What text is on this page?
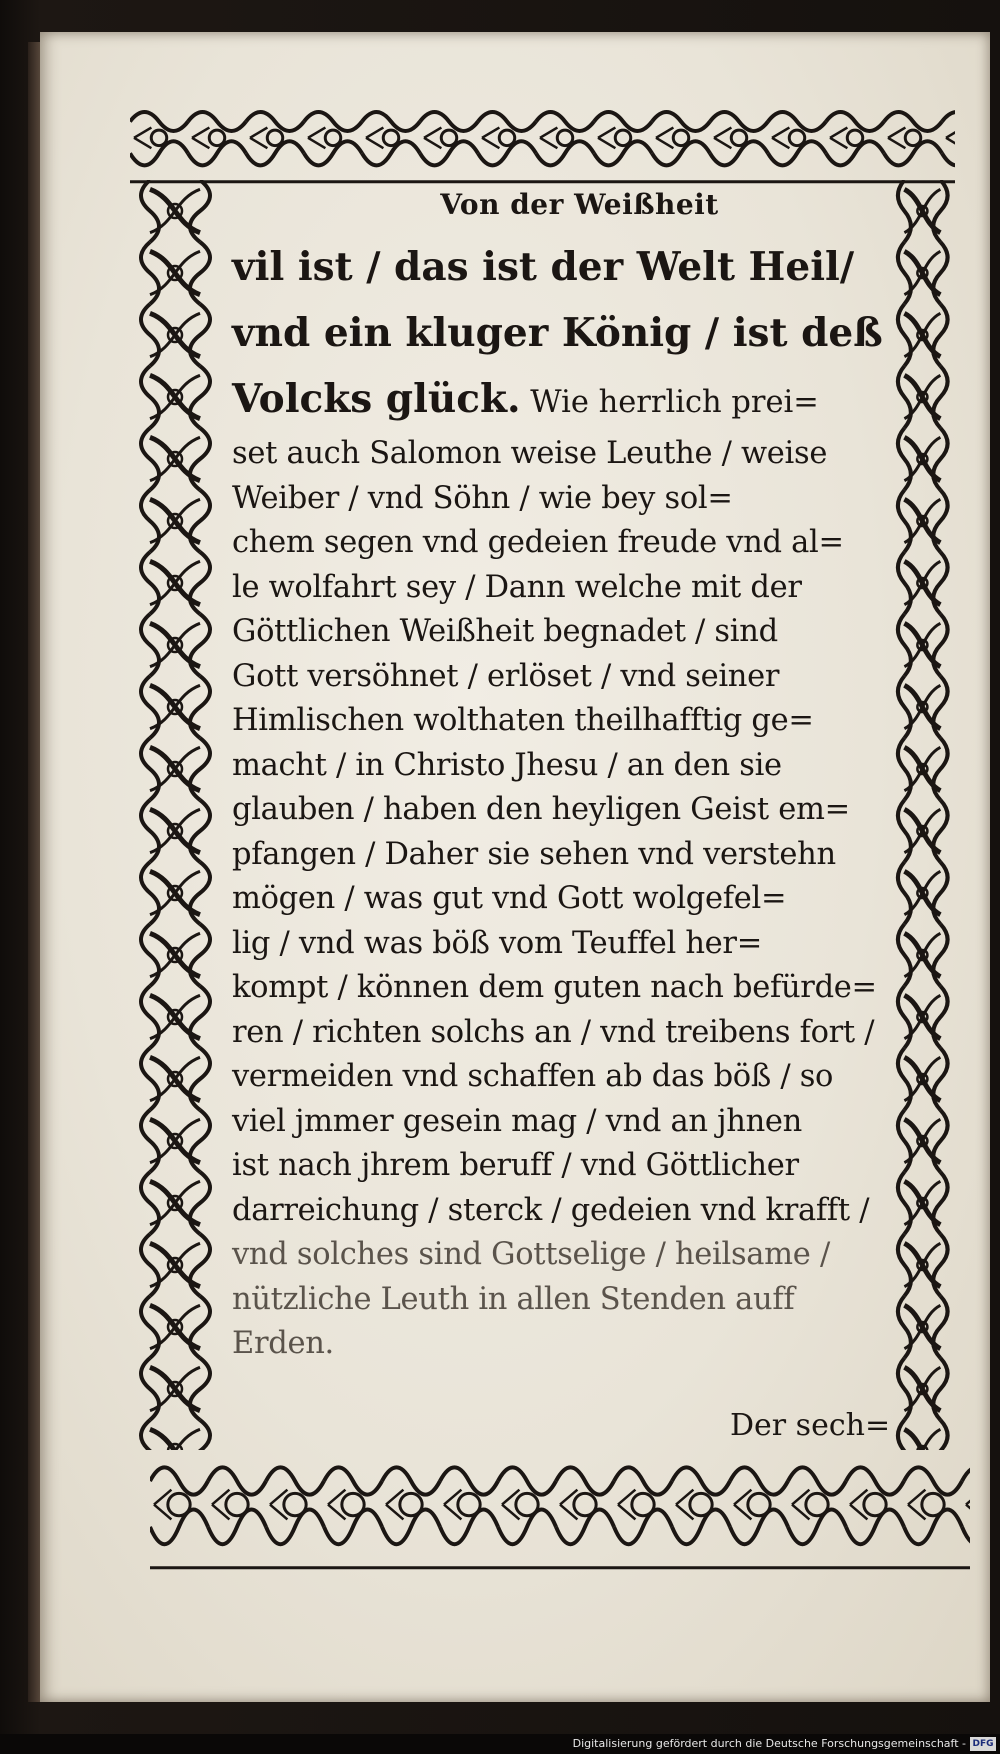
Von der Weißheit
vil ist / das ist der Welt Heil/
vnd ein kluger König / ist deß
Volcks glück. Wie herrlich prei=
set auch Salomon weise Leuthe / weise
Weiber / vnd Söhn / wie bey sol=
chem segen vnd gedeien freude vnd al=
le wolfahrt sey / Dann welche mit der
Göttlichen Weißheit begnadet / sind
Gott versöhnet / erlöset / vnd seiner
Himlischen wolthaten theilhafftig ge=
macht / in Christo Jhesu / an den sie
glauben / haben den heyligen Geist em=
pfangen / Daher sie sehen vnd verstehn
mögen / was gut vnd Gott wolgefel=
lig / vnd was böß vom Teuffel her=
kompt / können dem guten nach befürde=
ren / richten solchs an / vnd treibens fort /
vermeiden vnd schaffen ab das böß / so
viel jmmer gesein mag / vnd an jhnen
ist nach jhrem beruff / vnd Göttlicher
darreichung / sterck / gedeien vnd krafft /
vnd solches sind Gottselige / heilsame /
nützliche Leuth in allen Stenden auff
Erden.
Der sech=
Digitalisierung gefördert durch die Deutsche Forschungsgemeinschaft - DFG
